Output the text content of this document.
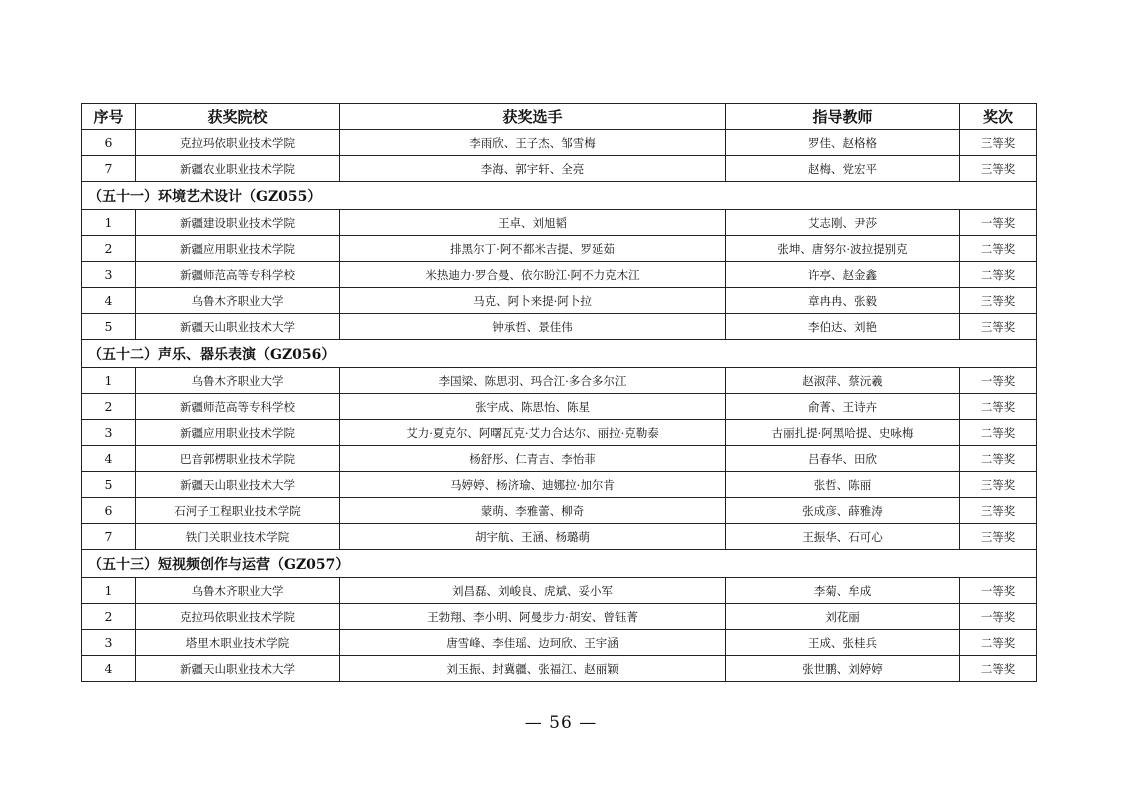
序号	获奖院校	获奖选手	指导教师	奖次
6	克拉玛依职业技术学院	李雨欣、王子杰、邹雪梅	罗佳、赵格格	三等奖
7	新疆农业职业技术学院	李海、郭宇轩、全亮	赵梅、党宏平	三等奖
（五十一）环境艺术设计（GZ055）				
1	新疆建设职业技术学院	王卓、刘旭韬	艾志刚、尹莎	一等奖
2	新疆应用职业技术学院	排黑尔丁·阿不都米吉提、罗延茹	张坤、唐努尔·波拉提别克	二等奖
3	新疆师范高等专科学校	米热迪力·罗合曼、依尔盼江·阿不力克木江	许亭、赵金鑫	二等奖
4	乌鲁木齐职业大学	马克、阿卜来提·阿卜拉	章冉冉、张毅	三等奖
5	新疆天山职业技术大学	钟承哲、景佳伟	李伯达、刘艳	三等奖
（五十二）声乐、器乐表演（GZ056）				
1	乌鲁木齐职业大学	李国梁、陈思羽、玛合江·多合多尔江	赵淑萍、蔡沅羲	一等奖
2	新疆师范高等专科学校	张宇成、陈思怡、陈星	俞菁、王诗卉	二等奖
3	新疆应用职业技术学院	艾力·夏克尔、阿曙瓦克·艾力合达尔、丽拉·克勒泰	古丽扎提·阿黑哈提、史咏梅	二等奖
4	巴音郭楞职业技术学院	杨舒彤、仁青吉、李怡菲	吕春华、田欣	二等奖
5	新疆天山职业技术大学	马婷婷、杨济瑜、迪娜拉·加尔肯	张哲、陈丽	三等奖
6	石河子工程职业技术学院	蒙萌、李雅蕾、柳奇	张成彦、薛雅涛	三等奖
7	铁门关职业技术学院	胡宇航、王涵、杨璐萌	王振华、石可心	三等奖
（五十三）短视频创作与运营（GZ057）				
1	乌鲁木齐职业大学	刘昌磊、刘峻良、虎斌、妥小军	李菊、牟成	一等奖
2	克拉玛依职业技术学院	王勃翔、李小明、阿曼步力·胡安、曾钰菁	刘花丽	一等奖
3	塔里木职业技术学院	唐雪峰、李佳瑶、边珂欣、王宇涵	王成、张桂兵	二等奖
4	新疆天山职业技术大学	刘玉振、封冀疆、张福江、赵丽颖	张世鹏、刘婷婷	二等奖
— 56 —
